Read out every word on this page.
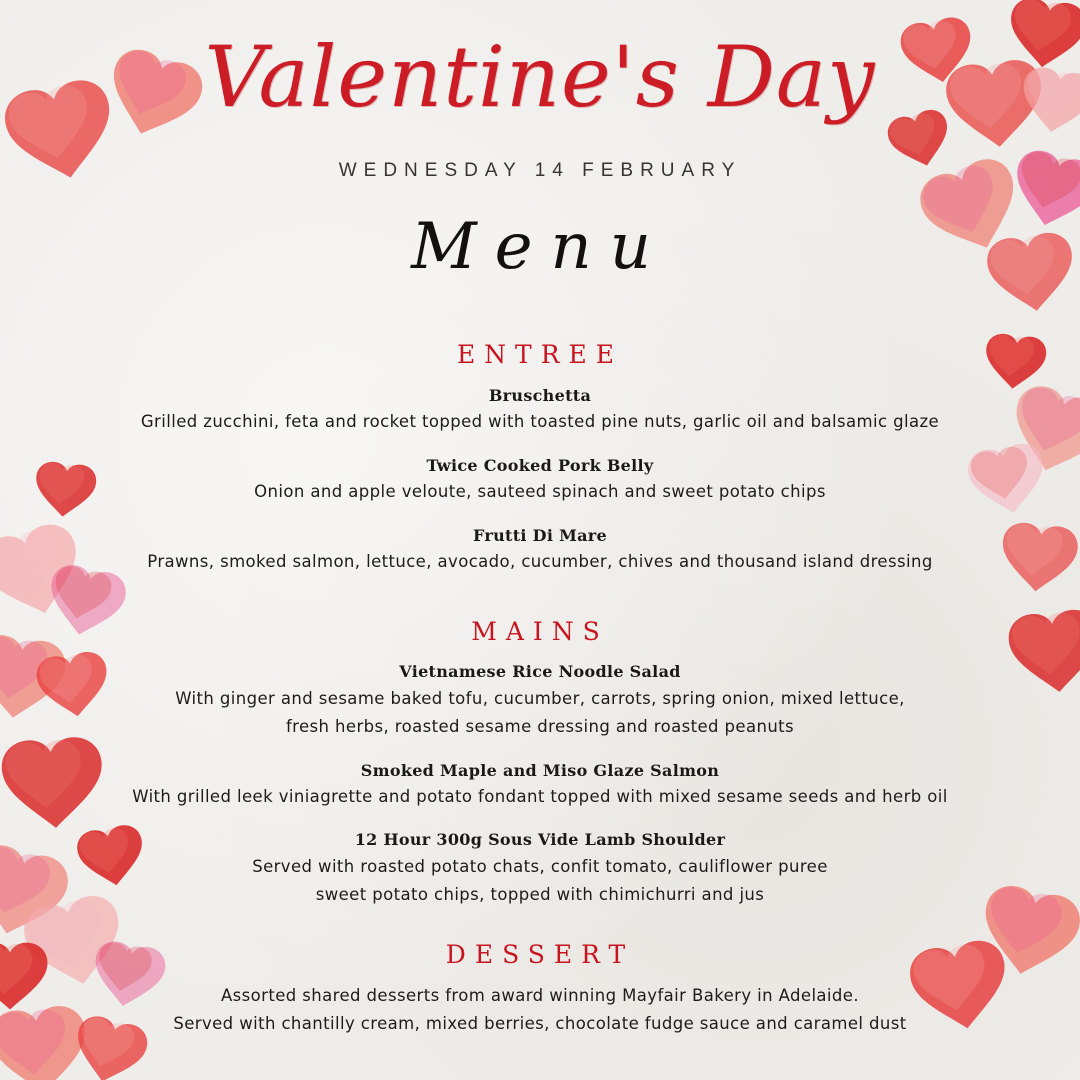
Valentine's Day
WEDNESDAY 14 FEBRUARY
Menu
ENTREE
Bruschetta
Grilled zucchini, feta and rocket topped with toasted pine nuts, garlic oil and balsamic glaze
Twice Cooked Pork Belly
Onion and apple veloute, sauteed spinach and sweet potato chips
Frutti Di Mare
Prawns, smoked salmon, lettuce, avocado, cucumber, chives and thousand island dressing
MAINS
Vietnamese Rice Noodle Salad
With ginger and sesame baked tofu, cucumber, carrots, spring onion, mixed lettuce,
fresh herbs, roasted sesame dressing and roasted peanuts
Smoked Maple and Miso Glaze Salmon
With grilled leek viniagrette and potato fondant topped with mixed sesame seeds and herb oil
12 Hour 300g Sous Vide Lamb Shoulder
Served with roasted potato chats, confit tomato, cauliflower puree
sweet potato chips, topped with chimichurri and jus
DESSERT
Assorted shared desserts from award winning Mayfair Bakery in Adelaide.
Served with chantilly cream, mixed berries, chocolate fudge sauce and caramel dust
